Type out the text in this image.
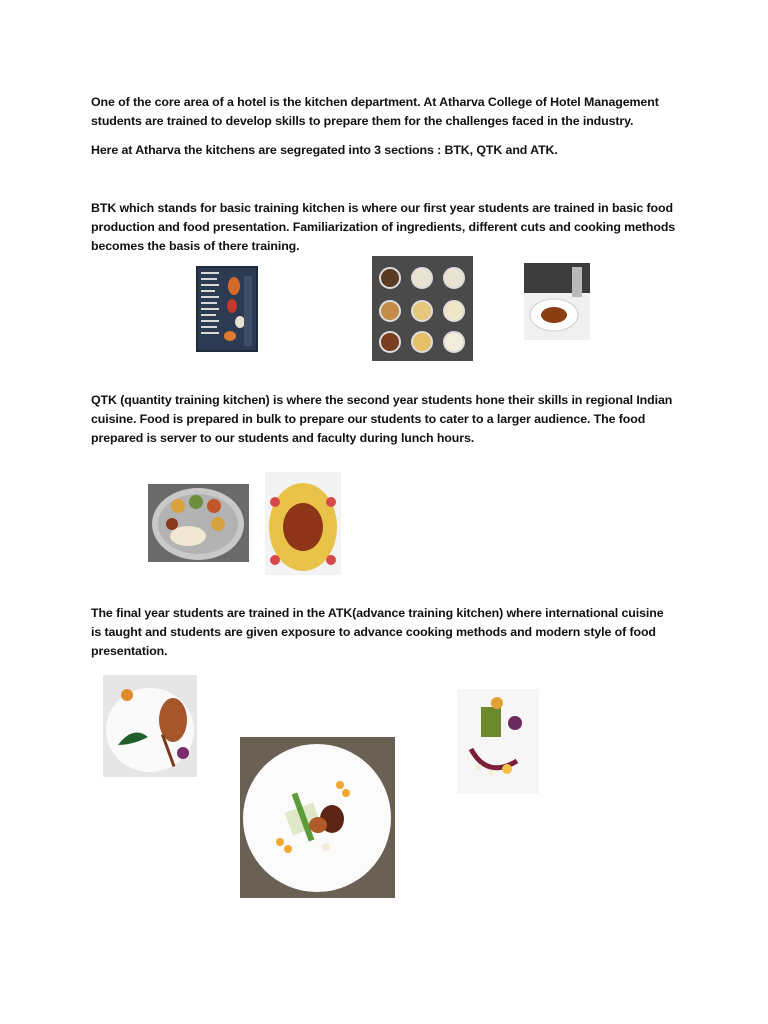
One of the core area of a hotel is the kitchen department. At Atharva College of Hotel Management students are trained to develop skills to prepare them for the challenges faced in the industry.

Here at Atharva the kitchens are segregated into 3 sections : BTK, QTK and ATK.

BTK which stands for basic training kitchen is where our first year students are trained in basic food production and food presentation. Familiarization of ingredients, different cuts and cooking methods becomes the basis of there training.

QTK (quantity training kitchen) is where the second year students hone their skills in regional Indian cuisine. Food is prepared in bulk to prepare our students to cater to a larger audience. The food prepared is server to our students and faculty during lunch hours.

The final year students are trained in the ATK(advance training kitchen) where international cuisine is taught and students are given exposure to advance cooking methods and modern style of food presentation.
